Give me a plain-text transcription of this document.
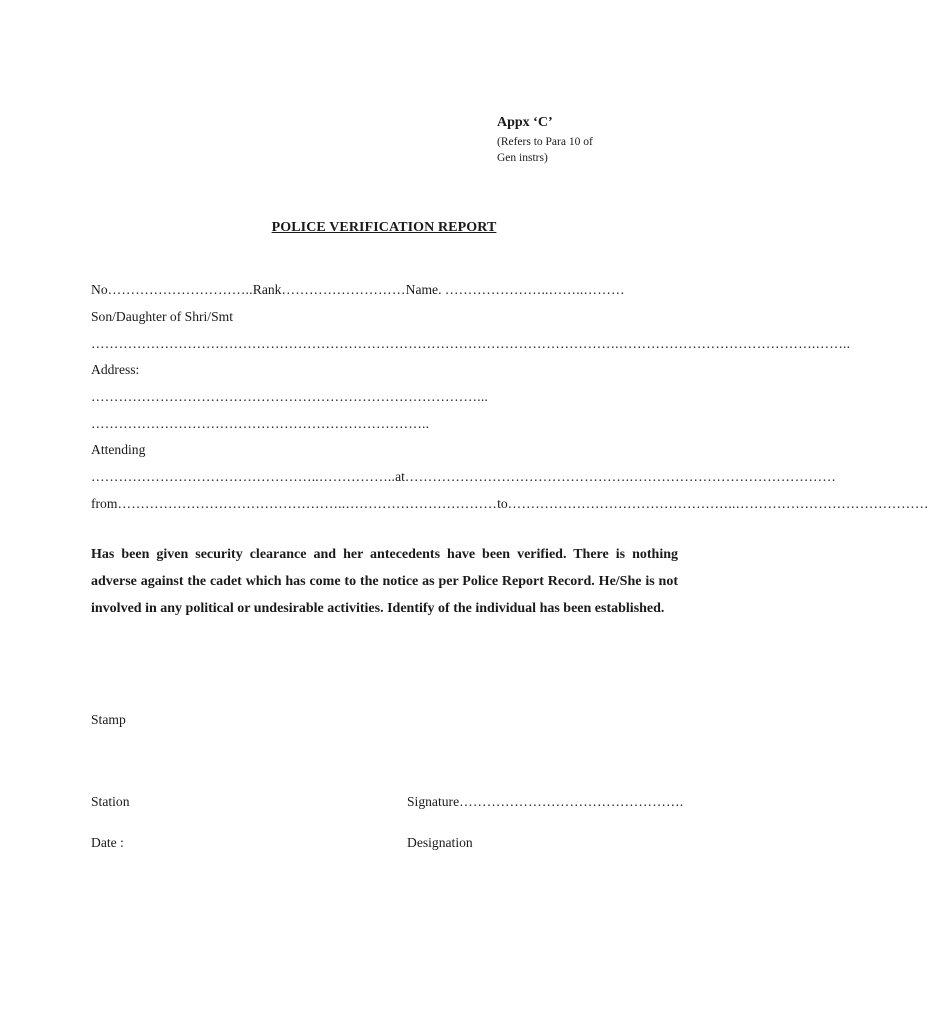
Appx ‘C’
(Refers to Para 10 of
Gen instrs)
POLICE VERIFICATION REPORT
No…………………………..Rank………………………Name. …………………..……..………
Son/Daughter of Shri/Smt
…………………………………………………………………………………………………….…………………………………….……..
Address:
…………………………………………………………………………...
………………………………………………………………..
Attending
…………………………………………..……………..at………………………………………….………………………………………
from…………………………………………..……………………………to…………………………………………..……………………………………
Has been given security clearance and her antecedents have been verified. There is nothing adverse against the cadet which has come to the notice as per Police Report Record. He/She is not involved in any political or undesirable activities. Identify of the individual has been established.
Stamp
Station	Signature………………………………………….
Date :	Designation
